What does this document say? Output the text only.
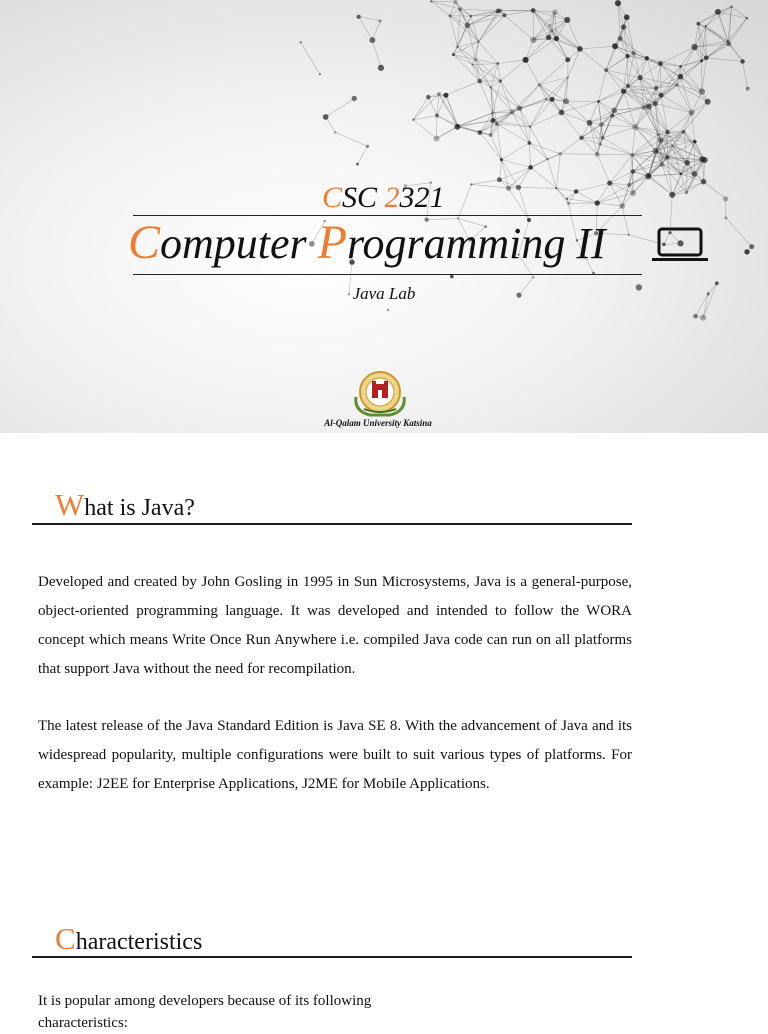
CSC 2321
Computer Programming II
Java Lab
Al-Qalam University Katsina
What is Java?

Developed and created by John Gosling in 1995 in Sun Microsystems, Java is a general-purpose, object-oriented programming language. It was developed and intended to follow the WORA concept which means Write Once Run Anywhere i.e. compiled Java code can run on all platforms that support Java without the need for recompilation.

The latest release of the Java Standard Edition is Java SE 8. With the advancement of Java and its widespread popularity, multiple configurations were built to suit various types of platforms. For example: J2EE for Enterprise Applications, J2ME for Mobile Applications.

Characteristics

It is popular among developers because of its following characteristics:
